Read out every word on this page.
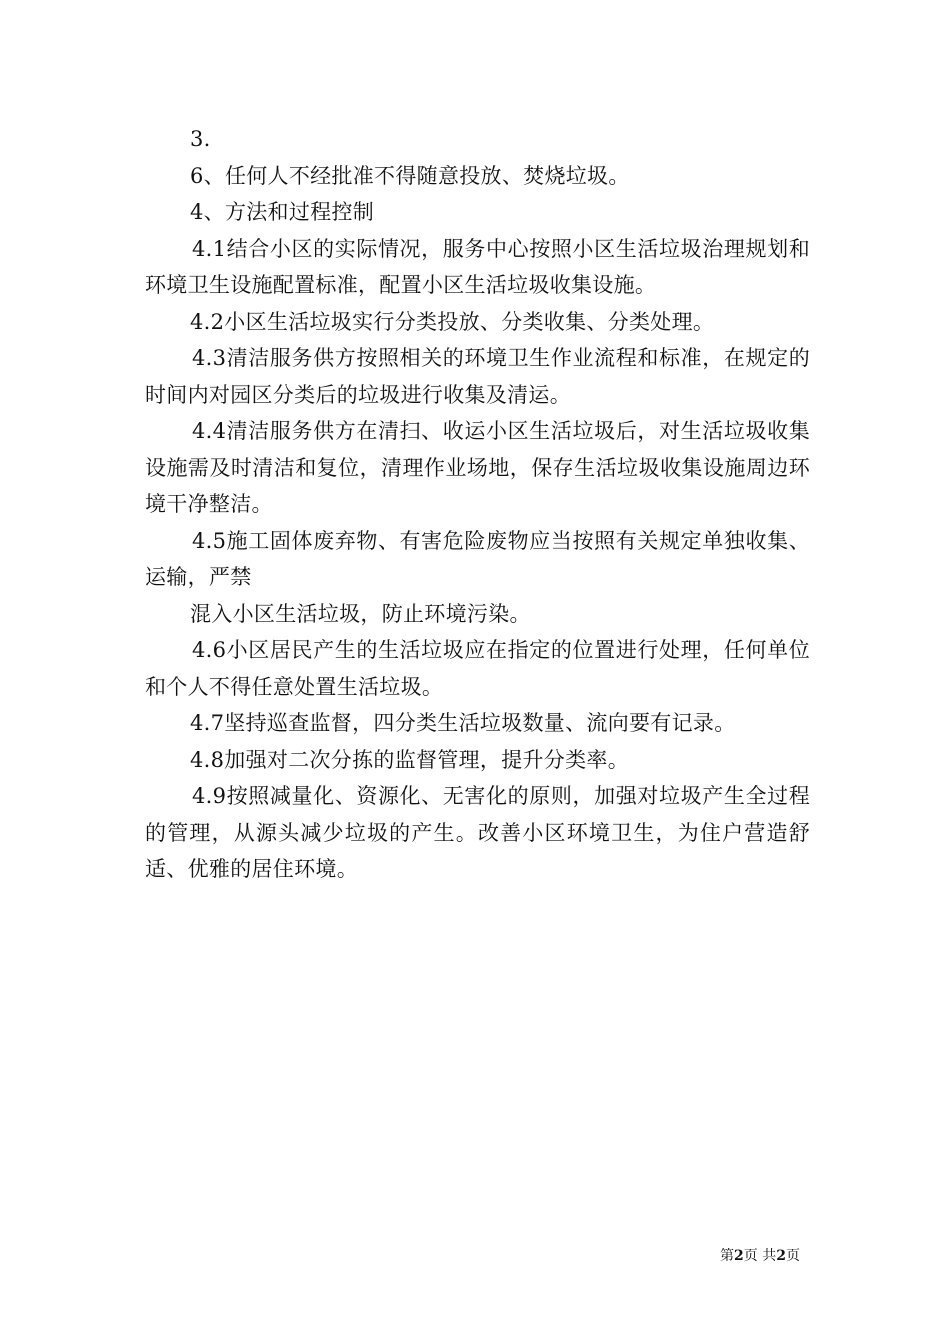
3.

6、任何人不经批准不得随意投放、焚烧垃圾。

4、方法和过程控制

4.1结合小区的实际情况，服务中心按照小区生活垃圾治理规划和环境卫生设施配置标准，配置小区生活垃圾收集设施。

4.2小区生活垃圾实行分类投放、分类收集、分类处理。

4.3清洁服务供方按照相关的环境卫生作业流程和标准，在规定的时间内对园区分类后的垃圾进行收集及清运。

4.4清洁服务供方在清扫、收运小区生活垃圾后，对生活垃圾收集设施需及时清洁和复位，清理作业场地，保存生活垃圾收集设施周边环境干净整洁。

4.5施工固体废弃物、有害危险废物应当按照有关规定单独收集、运输，严禁

混入小区生活垃圾，防止环境污染。

4.6小区居民产生的生活垃圾应在指定的位置进行处理，任何单位和个人不得任意处置生活垃圾。

4.7坚持巡查监督，四分类生活垃圾数量、流向要有记录。

4.8加强对二次分拣的监督管理，提升分类率。

4.9按照减量化、资源化、无害化的原则，加强对垃圾产生全过程的管理，从源头减少垃圾的产生。改善小区环境卫生，为住户营造舒适、优雅的居住环境。

第2页 共2页
